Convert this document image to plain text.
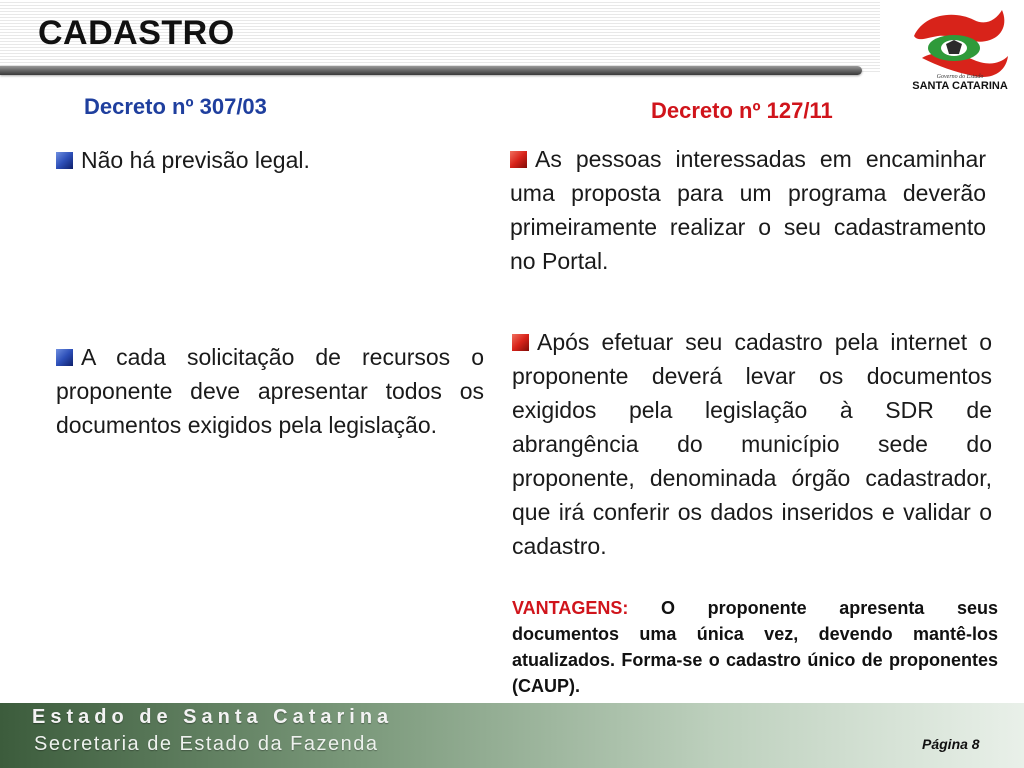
CADASTRO
Governo do Estado
SANTA CATARINA
Decreto nº 307/03	Decreto nº 127/11
Não há previsão legal.
A cada solicitação de recursos o proponente deve apresentar todos os documentos exigidos pela legislação.
As pessoas interessadas em encaminhar uma proposta para um programa deverão primeiramente realizar o seu cadastramento no Portal.
Após efetuar seu cadastro pela internet o proponente deverá levar os documentos exigidos pela legislação à SDR de abrangência do município sede do proponente, denominada órgão cadastrador, que irá conferir os dados inseridos e validar o cadastro.
VANTAGENS: O proponente apresenta seus documentos uma única vez, devendo mantê-los atualizados. Forma-se o cadastro único de proponentes (CAUP).
Estado de Santa Catarina
Secretaria de Estado da Fazenda	Página 8
